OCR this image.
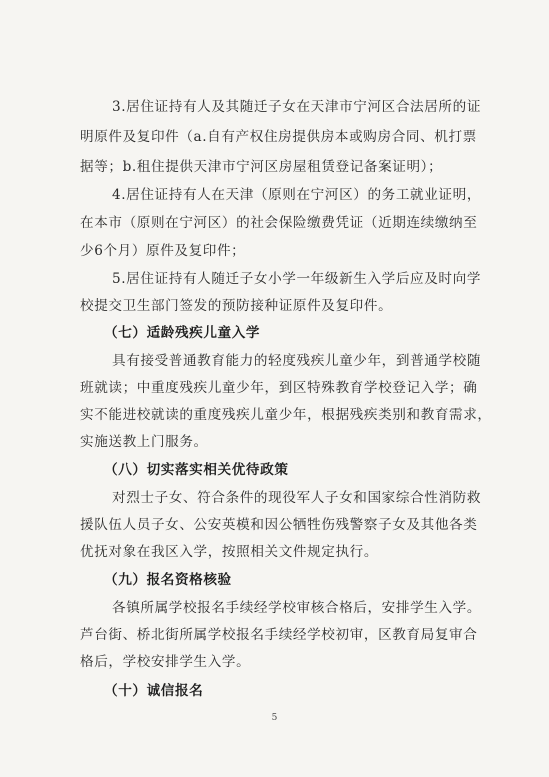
3.居住证持有人及其随迁子女在天津市宁河区合法居所的证
明原件及复印件（a.自有产权住房提供房本或购房合同、机打票
据等；b.租住提供天津市宁河区房屋租赁登记备案证明）；
4.居住证持有人在天津（原则在宁河区）的务工就业证明，
在本市（原则在宁河区）的社会保险缴费凭证（近期连续缴纳至
少6个月）原件及复印件；
5.居住证持有人随迁子女小学一年级新生入学后应及时向学
校提交卫生部门签发的预防接种证原件及复印件。
（七）适龄残疾儿童入学
具有接受普通教育能力的轻度残疾儿童少年，到普通学校随
班就读；中重度残疾儿童少年，到区特殊教育学校登记入学；确
实不能进校就读的重度残疾儿童少年，根据残疾类别和教育需求，
实施送教上门服务。
（八）切实落实相关优待政策
对烈士子女、符合条件的现役军人子女和国家综合性消防救
援队伍人员子女、公安英模和因公牺牲伤残警察子女及其他各类
优抚对象在我区入学，按照相关文件规定执行。
（九）报名资格核验
各镇所属学校报名手续经学校审核合格后，安排学生入学。
芦台街、桥北街所属学校报名手续经学校初审，区教育局复审合
格后，学校安排学生入学。
（十）诚信报名
5
